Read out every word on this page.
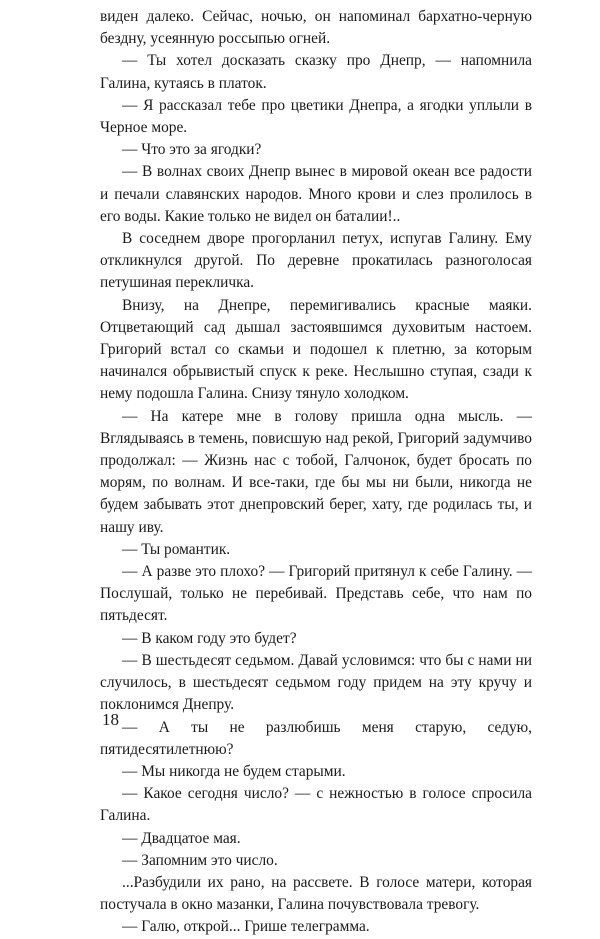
виден далеко. Сейчас, ночью, он напоминал бархатно-черную бездну, усеянную россыпью огней.

— Ты хотел досказать сказку про Днепр, — напомнила Галина, кутаясь в платок.

— Я рассказал тебе про цветики Днепра, а ягодки уплыли в Черное море.

— Что это за ягодки?

— В волнах своих Днепр вынес в мировой океан все радости и печали славянских народов. Много крови и слез пролилось в его воды. Какие только не видел он баталии!..

В соседнем дворе прогорланил петух, испугав Галину. Ему откликнулся другой. По деревне прокатилась разноголосая петушиная перекличка.

Внизу, на Днепре, перемигивались красные маяки. Отцветающий сад дышал застоявшимся духовитым настоем. Григорий встал со скамьи и подошел к плетню, за которым начинался обрывистый спуск к реке. Неслышно ступая, сзади к нему подошла Галина. Снизу тянуло холодком.

— На катере мне в голову пришла одна мысль. — Вглядываясь в темень, повисшую над рекой, Григорий задумчиво продолжал: — Жизнь нас с тобой, Галчонок, будет бросать по морям, по волнам. И все-таки, где бы мы ни были, никогда не будем забывать этот днепровский берег, хату, где родилась ты, и нашу иву.

— Ты романтик.

— А разве это плохо? — Григорий притянул к себе Галину. — Послушай, только не перебивай. Представь себе, что нам по пятьдесят.

— В каком году это будет?

— В шестьдесят седьмом. Давай условимся: что бы с нами ни случилось, в шестьдесят седьмом году придем на эту кручу и поклонимся Днепру.

— А ты не разлюбишь меня старую, седую, пятидесятилетнюю?

— Мы никогда не будем старыми.

— Какое сегодня число? — с нежностью в голосе спросила Галина.

— Двадцатое мая.

— Запомним это число.

...Разбудили их рано, на рассвете. В голосе матери, которая постучала в окно мазанки, Галина почувствовала тревогу.

— Галю, открой... Грише телеграмма.

18
